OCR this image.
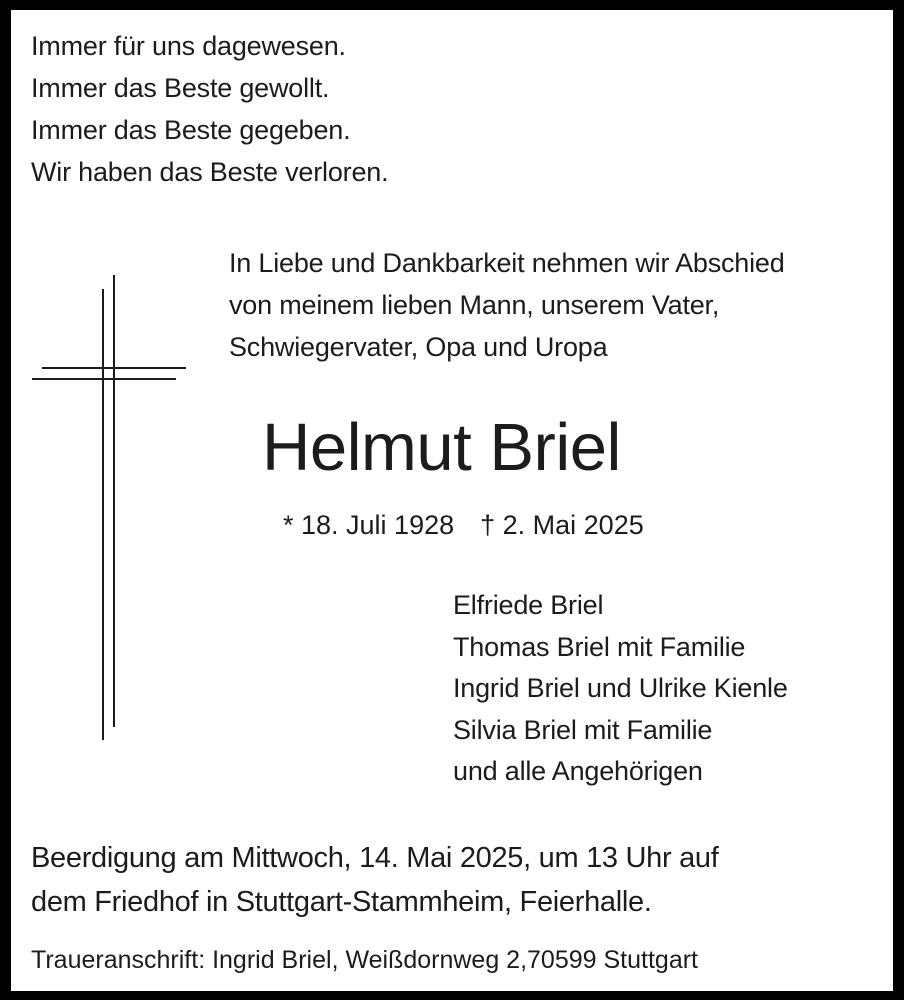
Immer für uns dagewesen.
Immer das Beste gewollt.
Immer das Beste gegeben.
Wir haben das Beste verloren.
In Liebe und Dankbarkeit nehmen wir Abschied
von meinem lieben Mann, unserem Vater,
Schwiegervater, Opa und Uropa
Helmut Briel
* 18. Juli 1928 † 2. Mai 2025
Elfriede Briel
Thomas Briel mit Familie
Ingrid Briel und Ulrike Kienle
Silvia Briel mit Familie
und alle Angehörigen
Beerdigung am Mittwoch, 14. Mai 2025, um 13 Uhr auf
dem Friedhof in Stuttgart-Stammheim, Feierhalle.
Traueranschrift: Ingrid Briel, Weißdornweg 2,70599 Stuttgart
